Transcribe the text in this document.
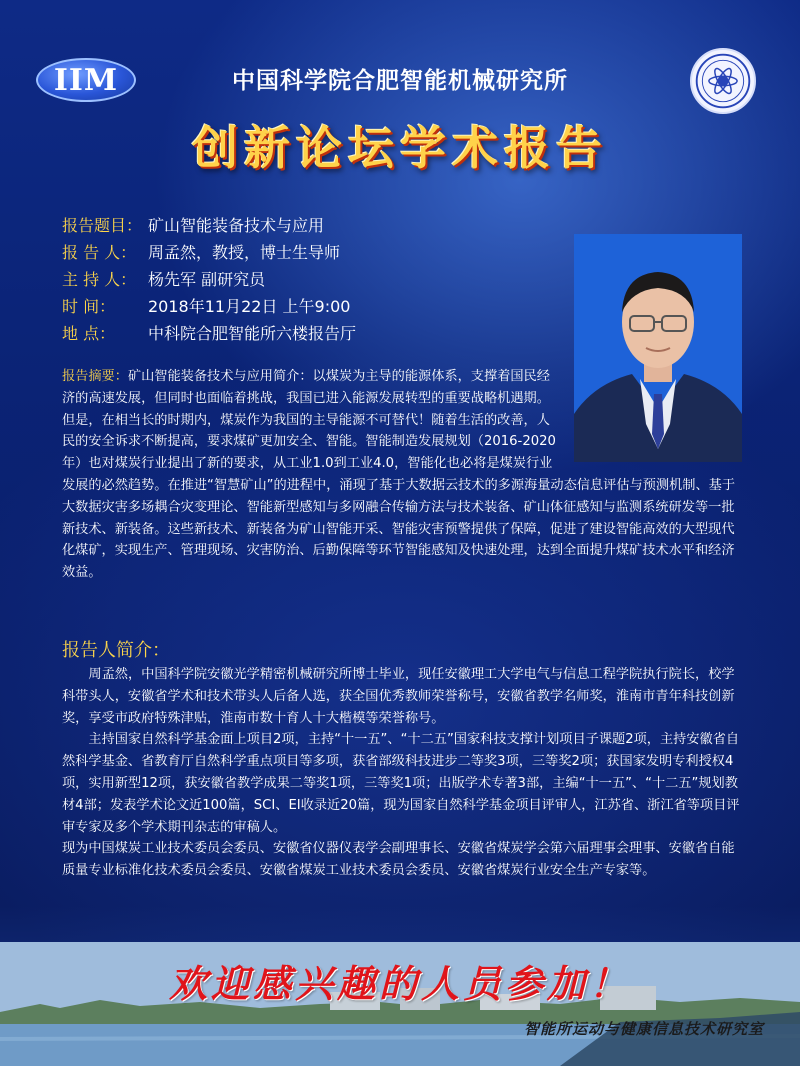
IIM	中国科学院合肥智能机械研究所
创新论坛学术报告
报告题目： 矿山智能装备技术与应用
报 告 人： 周孟然，教授，博士生导师
主 持 人： 杨先军 副研究员
时 间： 2018年11月22日 上午9:00
地 点： 中科院合肥智能所六楼报告厅
报告摘要：矿山智能装备技术与应用简介：以煤炭为主导的能源体系，支撑着国民经济的高速发展，但同时也面临着挑战，我国已进入能源发展转型的重要战略机遇期。但是，在相当长的时期内，煤炭作为我国的主导能源不可替代！随着生活的改善，人民的安全诉求不断提高，要求煤矿更加安全、智能。智能制造发展规划（2016-2020年）也对煤炭行业提出了新的要求，从工业1.0到工业4.0，智能化也必将是煤炭行业发展的必然趋势。在推进“智慧矿山”的进程中，涌现了基于大数据云技术的多源海量动态信息评估与预测机制、基于大数据灾害多场耦合灾变理论、智能新型感知与多网融合传输方法与技术装备、矿山体征感知与监测系统研发等一批新技术、新装备。这些新技术、新装备为矿山智能开采、智能灾害预警提供了保障，促进了建设智能高效的大型现代化煤矿，实现生产、管理现场、灾害防治、后勤保障等环节智能感知及快速处理，达到全面提升煤矿技术水平和经济效益。
报告人简介：

周孟然，中国科学院安徽光学精密机械研究所博士毕业，现任安徽理工大学电气与信息工程学院执行院长，校学科带头人，安徽省学术和技术带头人后备人选，获全国优秀教师荣誉称号，安徽省教学名师奖，淮南市青年科技创新奖，享受市政府特殊津贴，淮南市数十育人十大楷模等荣誉称号。

主持国家自然科学基金面上项目2项，主持“十一五”、“十二五”国家科技支撑计划项目子课题2项，主持安徽省自然科学基金、省教育厅自然科学重点项目等多项，获省部级科技进步二等奖3项，三等奖2项；获国家发明专利授权4项，实用新型12项，获安徽省教学成果二等奖1项，三等奖1项；出版学术专著3部，主编“十一五”、“十二五”规划教材4部；发表学术论文近100篇，SCI、EI收录近20篇，现为国家自然科学基金项目评审人，江苏省、浙江省等项目评审专家及多个学术期刊杂志的审稿人。

现为中国煤炭工业技术委员会委员、安徽省仪器仪表学会副理事长、安徽省煤炭学会第六届理事会理事、安徽省自能质量专业标准化技术委员会委员、安徽省煤炭工业技术委员会委员、安徽省煤炭行业安全生产专家等。

欢迎感兴趣的人员参加！
智能所运动与健康信息技术研究室
